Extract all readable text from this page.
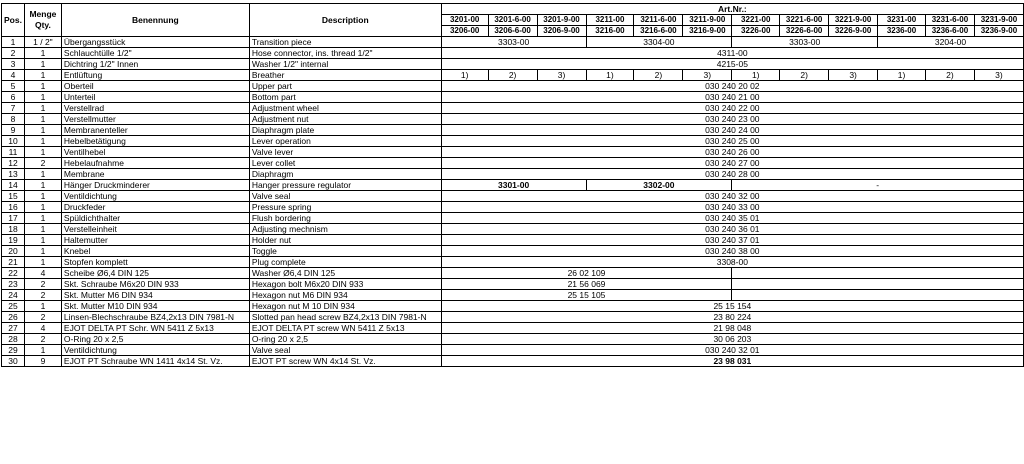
Pos.	Menge
Qty.	Benennung	Description	Art.Nr.:											
				3201-00	3201-6-00	3201-9-00	3211-00	3211-6-00	3211-9-00	3221-00	3221-6-00	3221-9-00	3231-00	3231-6-00	3231-9-00
				3206-00	3206-6-00	3206-9-00	3216-00	3216-6-00	3216-9-00	3226-00	3226-6-00	3226-9-00	3236-00	3236-6-00	3236-9-00
1	1 / 2"	Übergangsstück	Transition piece	3303-00			3304-00			3303-00			3204-00		
2	1	Schlauchtülle 1/2"	Hose connector, ins. thread 1/2"	4311-00											
3	1	Dichtring 1/2" Innen	Washer 1/2" internal	4215-05											
4	1	Entlüftung	Breather	1)	2)	3)	1)	2)	3)	1)	2)	3)	1)	2)	3)
5	1	Oberteil	Upper part	030 240 20 02											
6	1	Unterteil	Bottom part	030 240 21 00											
7	1	Verstellrad	Adjustment wheel	030 240 22 00											
8	1	Verstellmutter	Adjustment nut	030 240 23 00											
9	1	Membranenteller	Diaphragm plate	030 240 24 00											
10	1	Hebelbetätigung	Lever operation	030 240 25 00											
11	1	Ventilhebel	Valve lever	030 240 26 00											
12	2	Hebelaufnahme	Lever collet	030 240 27 00											
13	1	Membrane	Diaphragm	030 240 28 00											
14	1	Hänger Druckminderer	Hanger pressure regulator	3301-00			3302-00			-					
15	1	Ventildichtung	Valve seal	030 240 32 00											
16	1	Druckfeder	Pressure spring	030 240 33 00											
17	1	Spüldichthalter	Flush bordering	030 240 35 01											
18	1	Verstelleinheit	Adjusting mechnism	030 240 36 01											
19	1	Haltemutter	Holder nut	030 240 37 01											
20	1	Knebel	Toggle	030 240 38 00											
21	1	Stopfen komplett	Plug complete	3308-00											
22	4	Scheibe Ø6,4 DIN 125	Washer Ø6,4 DIN 125	26 02 109											
23	2	Skt. Schraube M6x20 DIN 933	Hexagon bolt M6x20 DIN 933	21 56 069											
24	2	Skt. Mutter M6 DIN 934	Hexagon nut M6 DIN 934	25 15 105											
25	1	Skt. Mutter M10 DIN 934	Hexagon nut M 10 DIN 934	25 15 154											
26	2	Linsen-Blechschraube BZ4,2x13 DIN 7981-N	Slotted pan head screw BZ4,2x13 DIN 7981-N	23 80 224											
27	4	EJOT DELTA PT Schr. WN 5411 Z 5x13	EJOT DELTA PT screw WN 5411 Z 5x13	21 98 048											
28	2	O-Ring 20 x 2,5	O-ring 20 x 2,5	30 06 203											
29	1	Ventildichtung	Valve seal	030 240 32 01											
30	9	EJOT PT Schraube WN 1411 4x14 St. Vz.	EJOT PT screw WN 4x14 St. Vz.	23 98 031											
